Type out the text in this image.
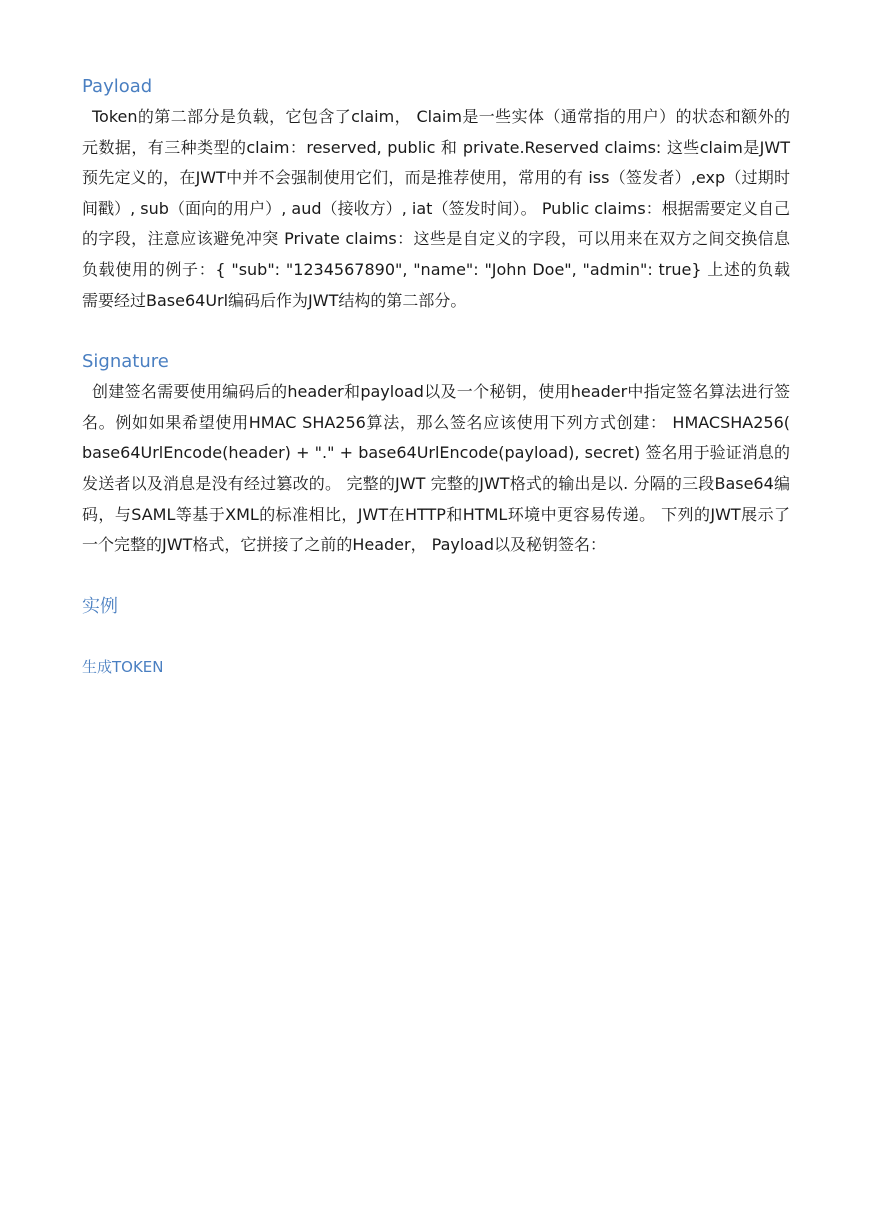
Payload

Token的第二部分是负载，它包含了claim， Claim是一些实体（通常指的用户）的状态和额外的元数据，有三种类型的claim：reserved, public 和 private.Reserved claims: 这些claim是JWT预先定义的，在JWT中并不会强制使用它们，而是推荐使用，常用的有 iss（签发者）,exp（过期时间戳）, sub（面向的用户）, aud（接收方）, iat（签发时间）。 Public claims：根据需要定义自己的字段，注意应该避免冲突 Private claims：这些是自定义的字段，可以用来在双方之间交换信息 负载使用的例子：{ "sub": "1234567890", "name": "John Doe", "admin": true} 上述的负载需要经过Base64Url编码后作为JWT结构的第二部分。

Signature

创建签名需要使用编码后的header和payload以及一个秘钥，使用header中指定签名算法进行签名。例如如果希望使用HMAC SHA256算法，那么签名应该使用下列方式创建： HMACSHA256( base64UrlEncode(header) + "." + base64UrlEncode(payload), secret) 签名用于验证消息的发送者以及消息是没有经过篡改的。 完整的JWT 完整的JWT格式的输出是以. 分隔的三段Base64编码，与SAML等基于XML的标准相比，JWT在HTTP和HTML环境中更容易传递。 下列的JWT展示了一个完整的JWT格式，它拼接了之前的Header， Payload以及秘钥签名：

实例
生成TOKEN
